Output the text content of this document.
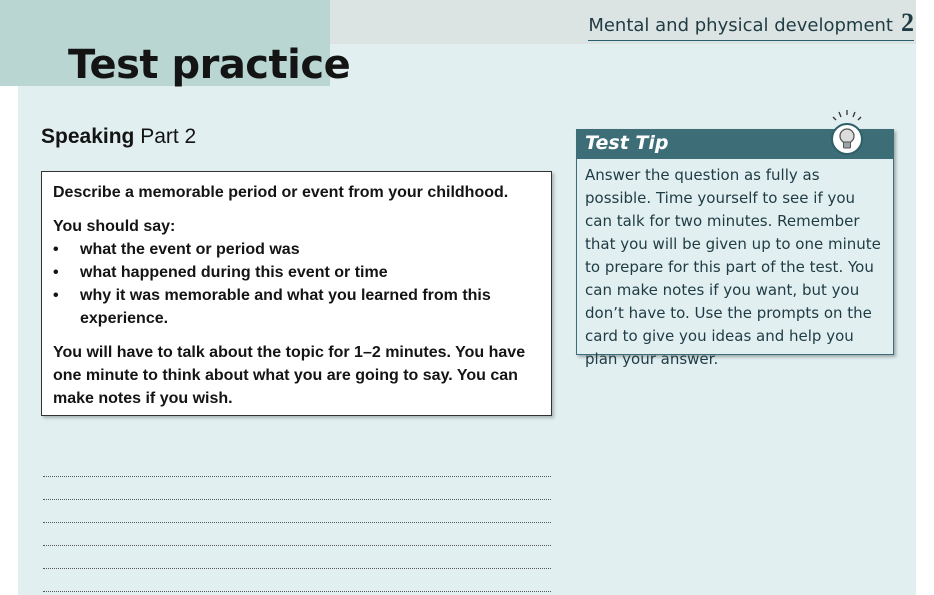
Mental and physical development 2
Test practice
Speaking Part 2

Describe a memorable period or event from your childhood.

You should say:

• what the event or period was
• what happened during this event or time
• why it was memorable and what you learned from this experience.

You will have to talk about the topic for 1–2 minutes. You have one minute to think about what you are going to say. You can make notes if you wish.

Test Tip
Answer the question as fully as possible. Time yourself to see if you can talk for two minutes. Remember that you will be given up to one minute to prepare for this part of the test. You can make notes if you want, but you don’t have to. Use the prompts on the card to give you ideas and help you plan your answer.
